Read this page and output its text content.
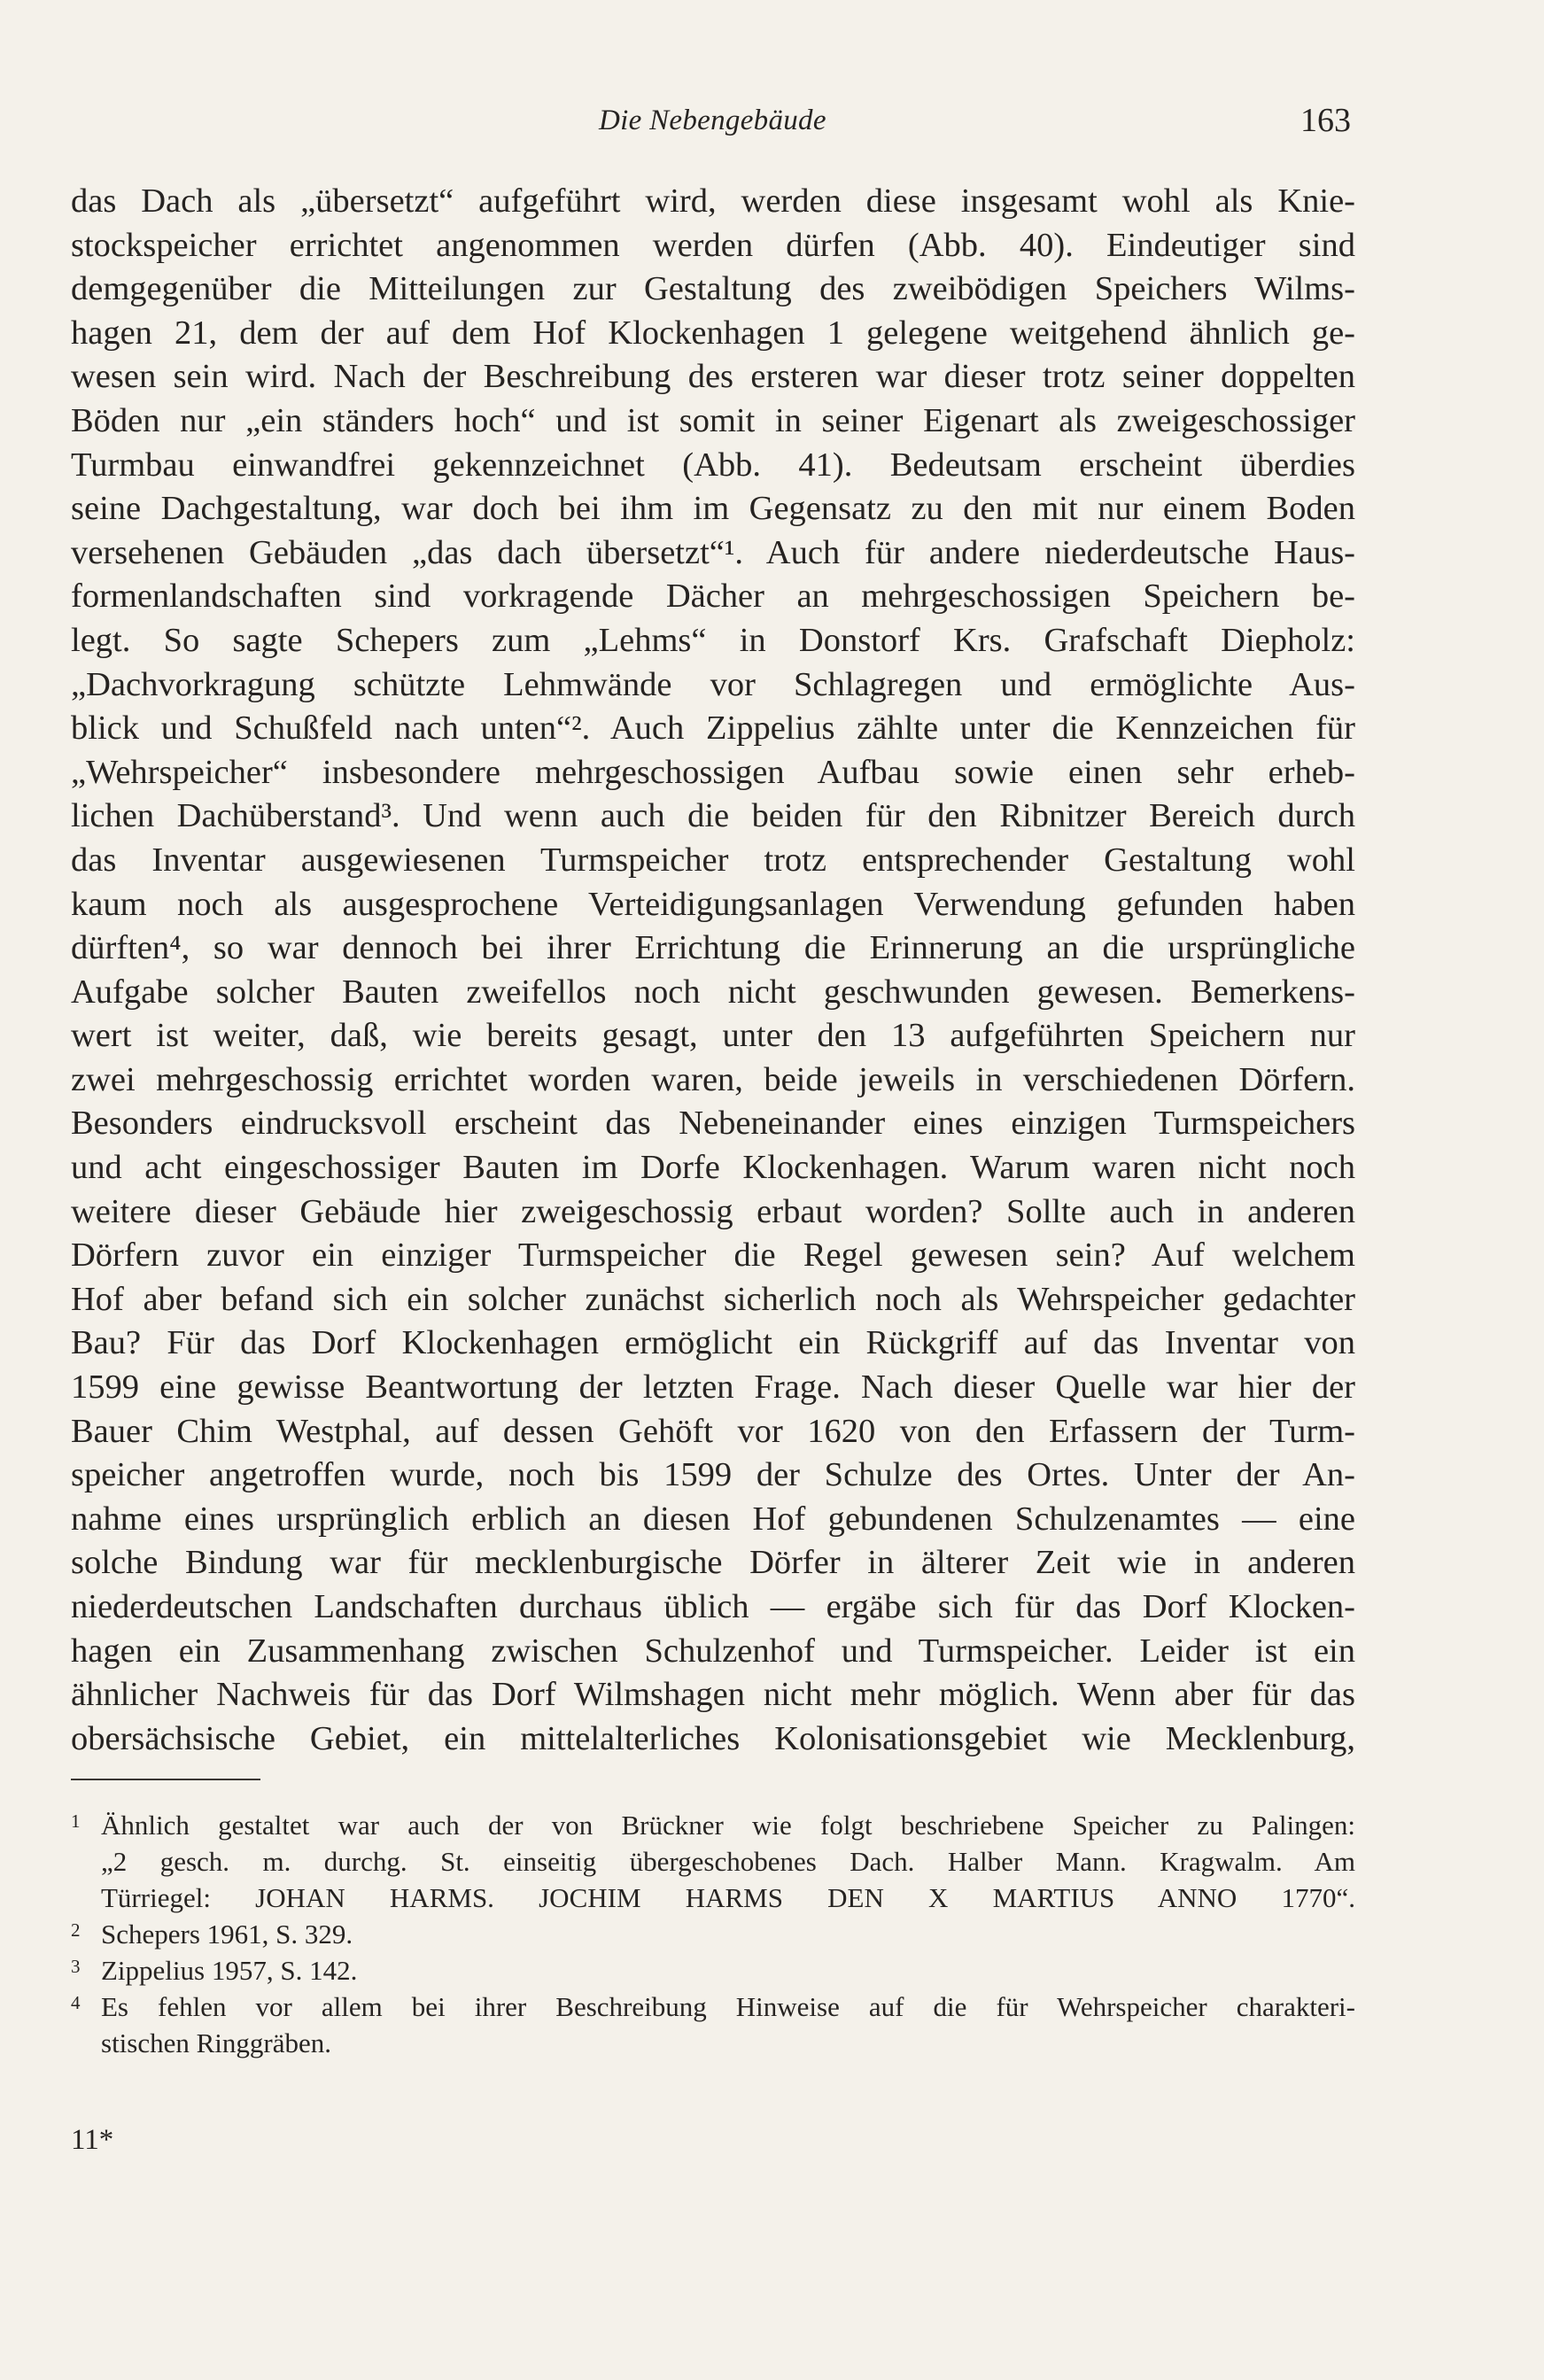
Die Nebengebäude	163
das Dach als „übersetzt“ aufgeführt wird, werden diese insgesamt wohl als Knie-
stockspeicher errichtet angenommen werden dürfen (Abb. 40). Eindeutiger sind
demgegenüber die Mitteilungen zur Gestaltung des zweibödigen Speichers Wilms-
hagen 21, dem der auf dem Hof Klockenhagen 1 gelegene weitgehend ähnlich ge-
wesen sein wird. Nach der Beschreibung des ersteren war dieser trotz seiner doppelten
Böden nur „ein ständers hoch“ und ist somit in seiner Eigenart als zweigeschossiger
Turmbau einwandfrei gekennzeichnet (Abb. 41). Bedeutsam erscheint überdies
seine Dachgestaltung, war doch bei ihm im Gegensatz zu den mit nur einem Boden
versehenen Gebäuden „das dach übersetzt“¹. Auch für andere niederdeutsche Haus-
formenlandschaften sind vorkragende Dächer an mehrgeschossigen Speichern be-
legt. So sagte Schepers zum „Lehms“ in Donstorf Krs. Grafschaft Diepholz:
„Dachvorkragung schützte Lehmwände vor Schlagregen und ermöglichte Aus-
blick und Schußfeld nach unten“². Auch Zippelius zählte unter die Kennzeichen für
„Wehrspeicher“ insbesondere mehrgeschossigen Aufbau sowie einen sehr erheb-
lichen Dachüberstand³. Und wenn auch die beiden für den Ribnitzer Bereich durch
das Inventar ausgewiesenen Turmspeicher trotz entsprechender Gestaltung wohl
kaum noch als ausgesprochene Verteidigungsanlagen Verwendung gefunden haben
dürften⁴, so war dennoch bei ihrer Errichtung die Erinnerung an die ursprüngliche
Aufgabe solcher Bauten zweifellos noch nicht geschwunden gewesen. Bemerkens-
wert ist weiter, daß, wie bereits gesagt, unter den 13 aufgeführten Speichern nur
zwei mehrgeschossig errichtet worden waren, beide jeweils in verschiedenen Dörfern.
Besonders eindrucksvoll erscheint das Nebeneinander eines einzigen Turmspeichers
und acht eingeschossiger Bauten im Dorfe Klockenhagen. Warum waren nicht noch
weitere dieser Gebäude hier zweigeschossig erbaut worden? Sollte auch in anderen
Dörfern zuvor ein einziger Turmspeicher die Regel gewesen sein? Auf welchem
Hof aber befand sich ein solcher zunächst sicherlich noch als Wehrspeicher gedachter
Bau? Für das Dorf Klockenhagen ermöglicht ein Rückgriff auf das Inventar von
1599 eine gewisse Beantwortung der letzten Frage. Nach dieser Quelle war hier der
Bauer Chim Westphal, auf dessen Gehöft vor 1620 von den Erfassern der Turm-
speicher angetroffen wurde, noch bis 1599 der Schulze des Ortes. Unter der An-
nahme eines ursprünglich erblich an diesen Hof gebundenen Schulzenamtes — eine
solche Bindung war für mecklenburgische Dörfer in älterer Zeit wie in anderen
niederdeutschen Landschaften durchaus üblich — ergäbe sich für das Dorf Klocken-
hagen ein Zusammenhang zwischen Schulzenhof und Turmspeicher. Leider ist ein
ähnlicher Nachweis für das Dorf Wilmshagen nicht mehr möglich. Wenn aber für das
obersächsische Gebiet, ein mittelalterliches Kolonisationsgebiet wie Mecklenburg,
1 Ähnlich gestaltet war auch der von Brückner wie folgt beschriebene Speicher zu Palingen:
„2 gesch. m. durchg. St. einseitig übergeschobenes Dach. Halber Mann. Kragwalm. Am
Türriegel: JOHAN HARMS. JOCHIM HARMS DEN X MARTIUS ANNO 1770“.
2 Schepers 1961, S. 329.
3 Zippelius 1957, S. 142.
4 Es fehlen vor allem bei ihrer Beschreibung Hinweise auf die für Wehrspeicher charakteri-
stischen Ringgräben.
11*
